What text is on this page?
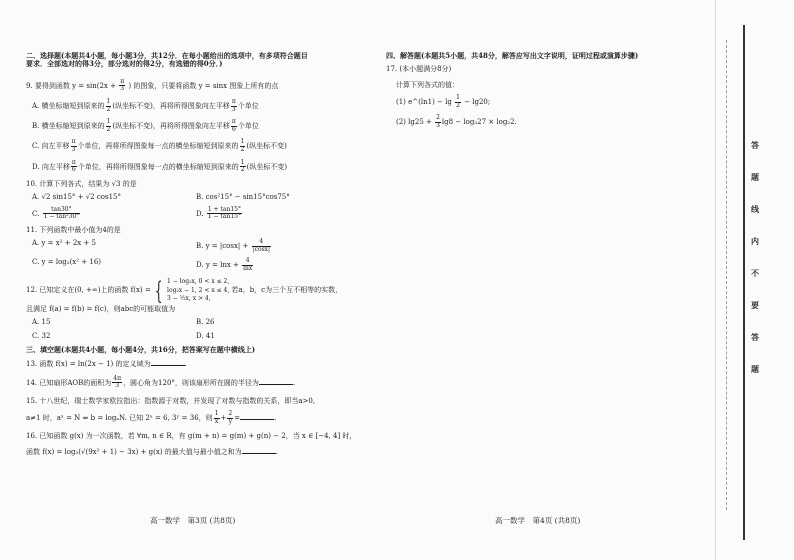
二、选择题(本题共4小题，每小题3分，共12分．在每小题给出的选项中，有多项符合题目
要求．全部选对的得3分，部分选对的得2分，有选错的得0分．)
9. 要得到函数 $y = \sin(2x + \frac{\pi}{3}$ ) 的图象，只要将函数 y = sinx 图象上所有的点
A. 横坐标缩短到原来的 $\frac{1}{2}$ (纵坐标不变)，再将所得图象向左平移 $\frac{\pi}{3}$ 个单位
B. 横坐标缩短到原来的 $\frac{1}{2}$ (纵坐标不变)，再将所得图象向左平移 $\frac{\pi}{6}$ 个单位
C. 向左平移 $\frac{\pi}{3}$ 个单位，再将所得图象每一点的横坐标缩短到原来的 $\frac{1}{2}$ (纵坐标不变)
D. 向左平移 $\frac{\pi}{6}$ 个单位，再将所得图象每一点的横坐标缩短到原来的 $\frac{1}{2}$ (纵坐标不变)
10. 计算下列各式，结果为 √3 的是
A. √2 sin15° + √2 cos15°	B. cos²15° − sin15°cos75°
C. $\frac{\tan 30^\circ}{\text{1 − tan²30°}}$	D. $\frac{1 + \tan 15^\circ}{1 - \tan 15^\circ}$
11. 下列函数中最小值为4的是
A. y = x² + 2x + 5	B. $y = |\cos x| + \frac{4}{|\cos x|}$
C. y = log₃(x² + 16)	D. $y = \ln x + \frac{4}{\ln x}$
12. 已知定义在(0, +∞)上的函数 f(x) = { 1 − log₂x, 0 < x ≤ 2,
log₂x − 1, 2 < x ≤ 4,
3 − ½x, x > 4,
若a，b，c为三个互不相等的实数，
且满足 f(a) = f(b) = f(c)，则abc的可能取值为
A. 15	B. 26
C. 32	D. 41
三、填空题(本题共4小题，每小题4分，共16分，把答案写在题中横线上)
13. 函数 f(x) = ln(2x − 1) 的定义域为	.
14. 已知扇形AOB的面积为 $\frac{4\pi}{3}$ ，圆心角为120°，则该扇形所在圆的半径为	.
15. 十八世纪，瑞士数学家欧拉指出：指数源于对数，并发现了对数与指数的关系，即当a>0,
a≠1 时，aˣ = N ⇔ b = logₐN. 已知 2ˣ = 6, 3ʸ = 36，则 $\frac{1}{x} + \frac{2}{y}$ =	.
16. 已知函数 g(x) 为一次函数，若 ∀m, n ∈ R，有 g(m + n) = g(m) + g(n) − 2，当 x ∈ [−4, 4] 时，
函数 f(x) = log₂(√(9x² + 1) − 3x) + g(x) 的最大值与最小值之和为	.
四、解答题(本题共5小题，共48分，解答应写出文字说明，证明过程或演算步骤)
17. (本小题满分8分)
计算下列各式的值：
(1) e^(ln1) − $\lg \frac{1}{2} - \lg 20$;
(2) $\lg 25 + \frac{2}{3} \lg 8 - \log_327 \times \log_22$.
答
题
线
内
不
要
答
题
高一数学　第3页 (共8页)	高一数学　第4页 (共8页)
